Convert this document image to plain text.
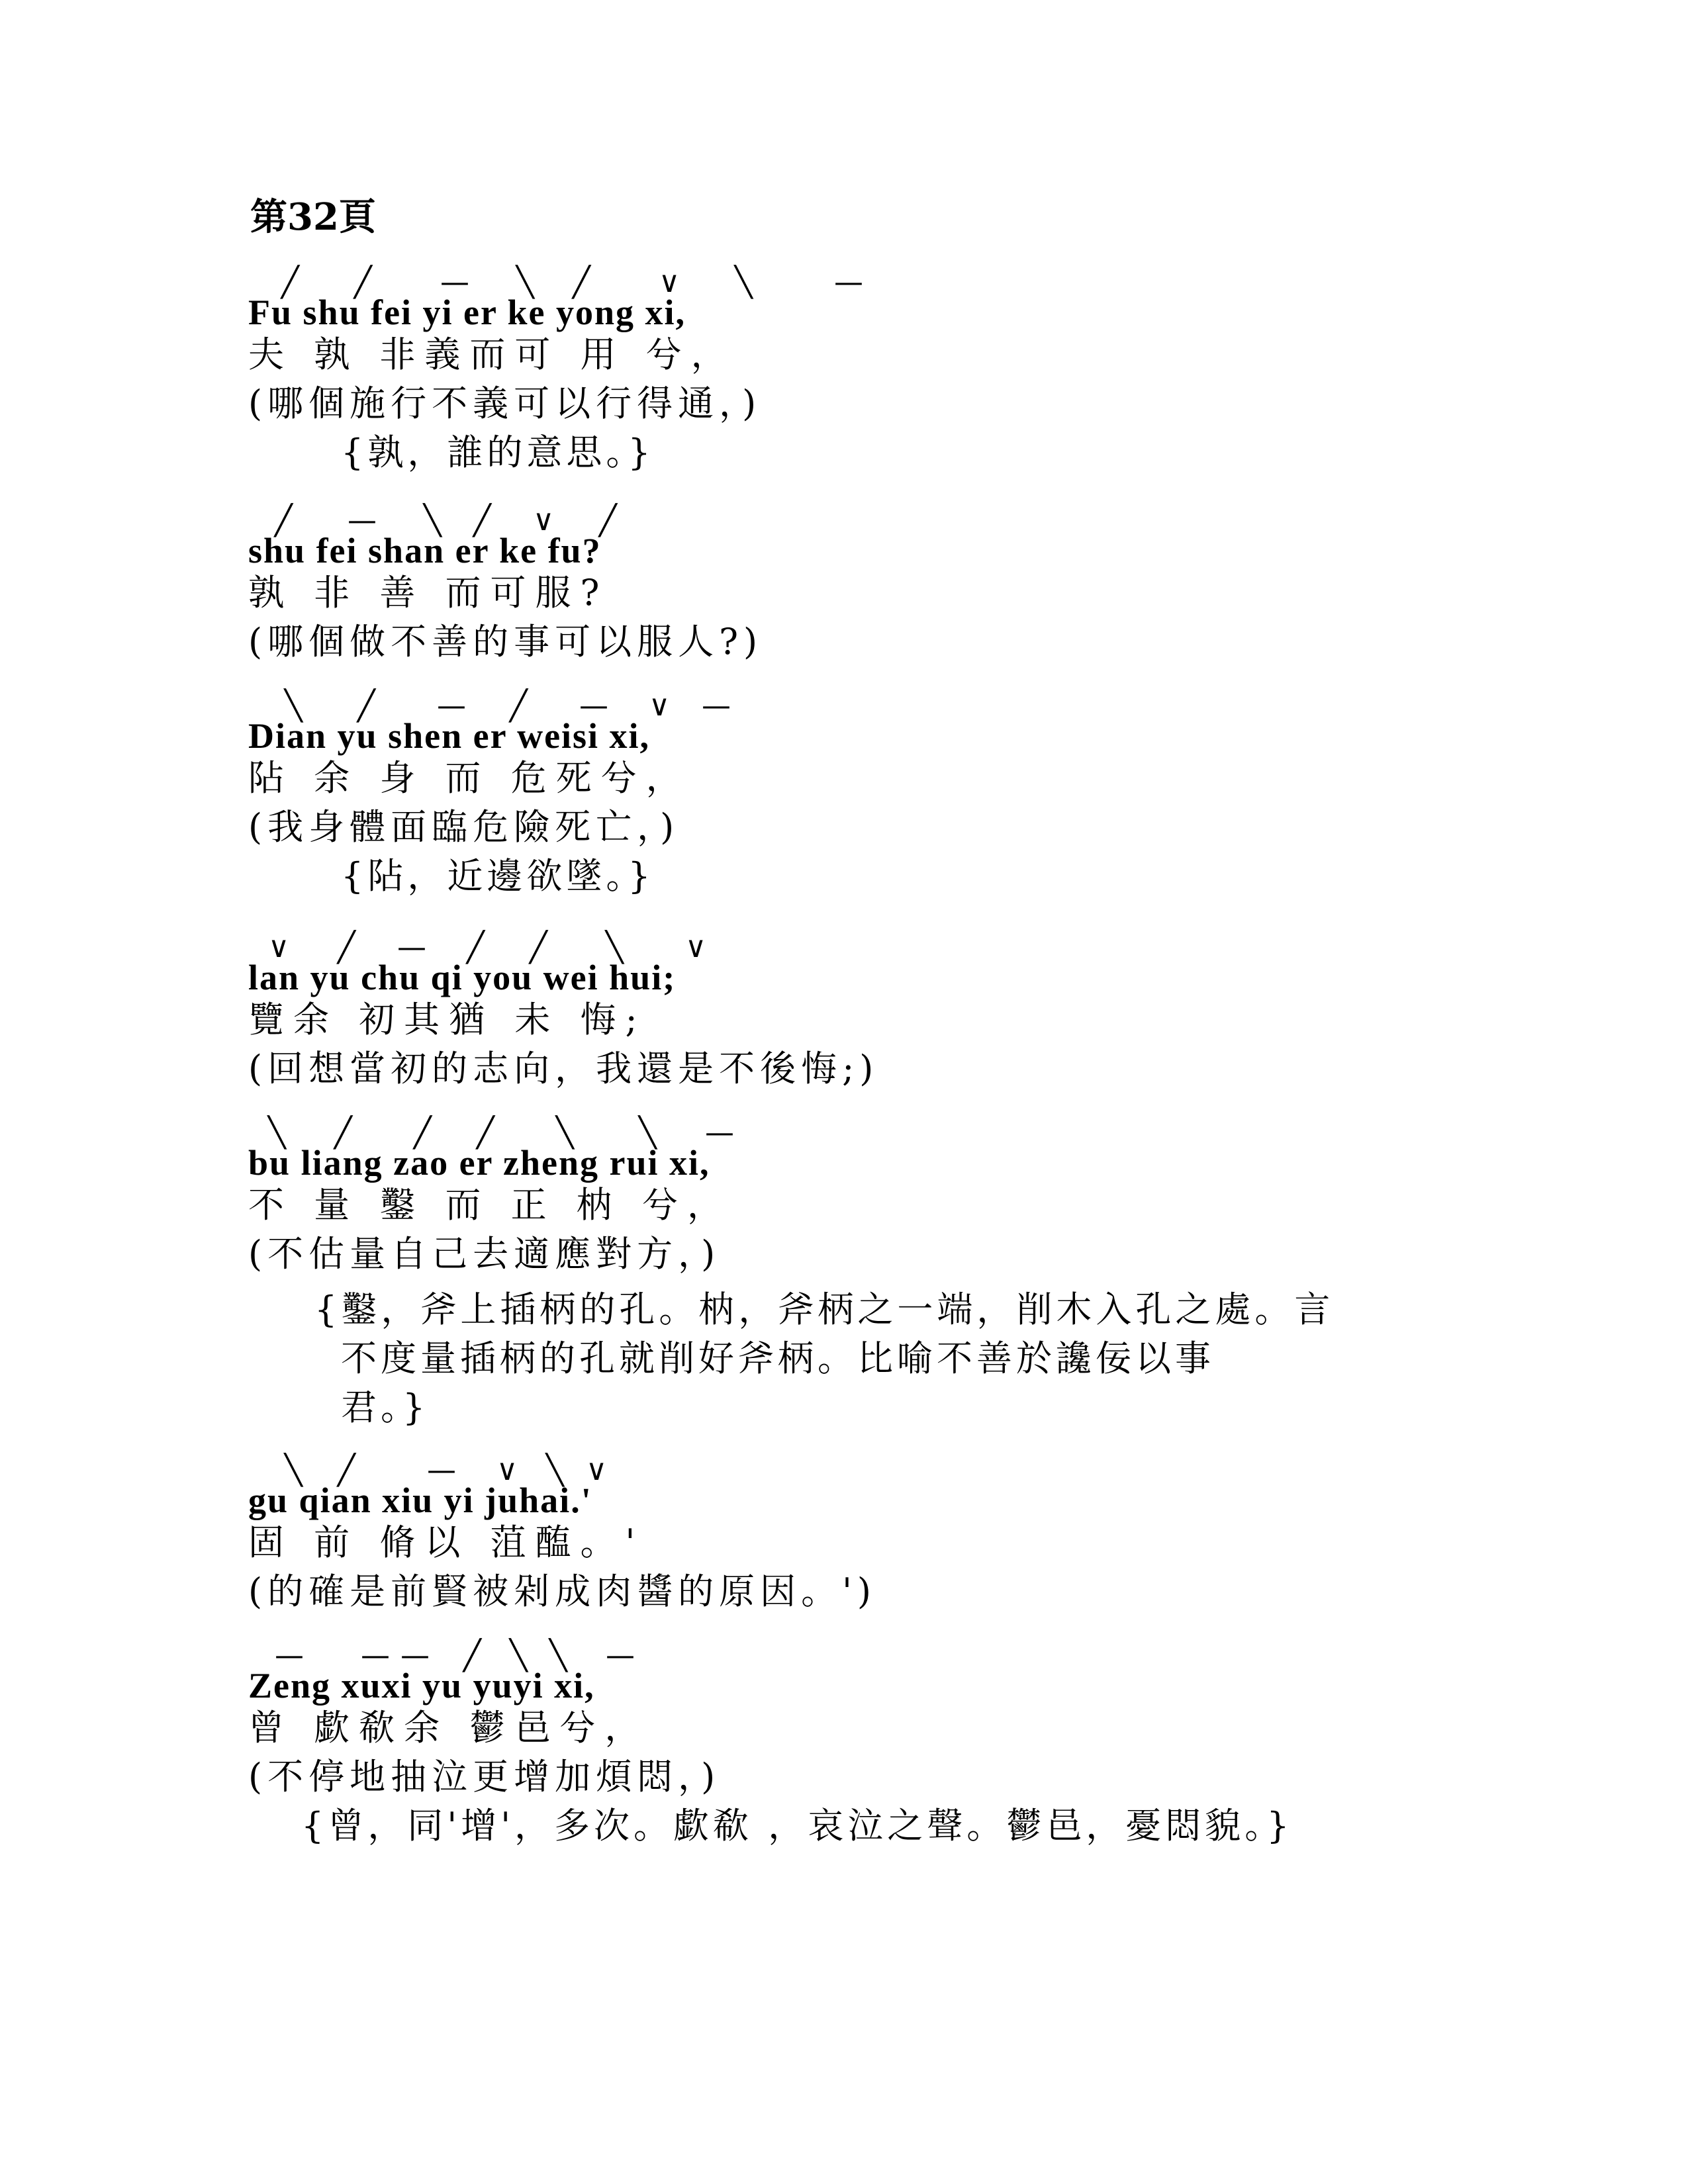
第32頁
╱ ╱ — ╲ ╱ ∨ ╲	—
Fu shu fei yi er ke yong xi,
夫 孰 非義而可 用 兮，
(哪個施行不義可以行得通，)
{孰，誰的意思。}
╱ — ╲ ╱ ∨ ╱
shu fei shan er ke fu?
孰 非 善 而可服?
(哪個做不善的事可以服人?)
╲ ╱ — ╱ — ∨ —
Dian yu shen er weisi xi,
阽 余 身 而 危死兮，
(我身體面臨危險死亡，)
{阽，近邊欲墜。}
∨ ╱ — ╱ ╱ ╲ ∨
lan yu chu qi you wei hui;
覽余 初其猶 未 悔;
(回想當初的志向，我還是不後悔;)
╲ ╱ ╱ ╱ ╲ ╲ —
bu liang zao er zheng rui xi,
不 量 鑿 而 正 枘 兮，
(不估量自己去適應對方，)
{鑿，斧上插柄的孔。枘，斧柄之一端，削木入孔之處。言
不度量插柄的孔就削好斧柄。比喻不善於讒佞以事
君。}
╲ ╱ — ∨ ╲ ∨
gu qian xiu yi juhai.'
固 前 脩以 菹醢。'
(的確是前賢被剁成肉醬的原因。')
— — — ╱ ╲ ╲ —
Zeng xuxi yu yuyi xi,
曾 歔欷余 鬱邑兮，
(不停地抽泣更增加煩悶，)
{曾，同'增'，多次。歔欷 ，哀泣之聲。鬱邑，憂悶貌。}
